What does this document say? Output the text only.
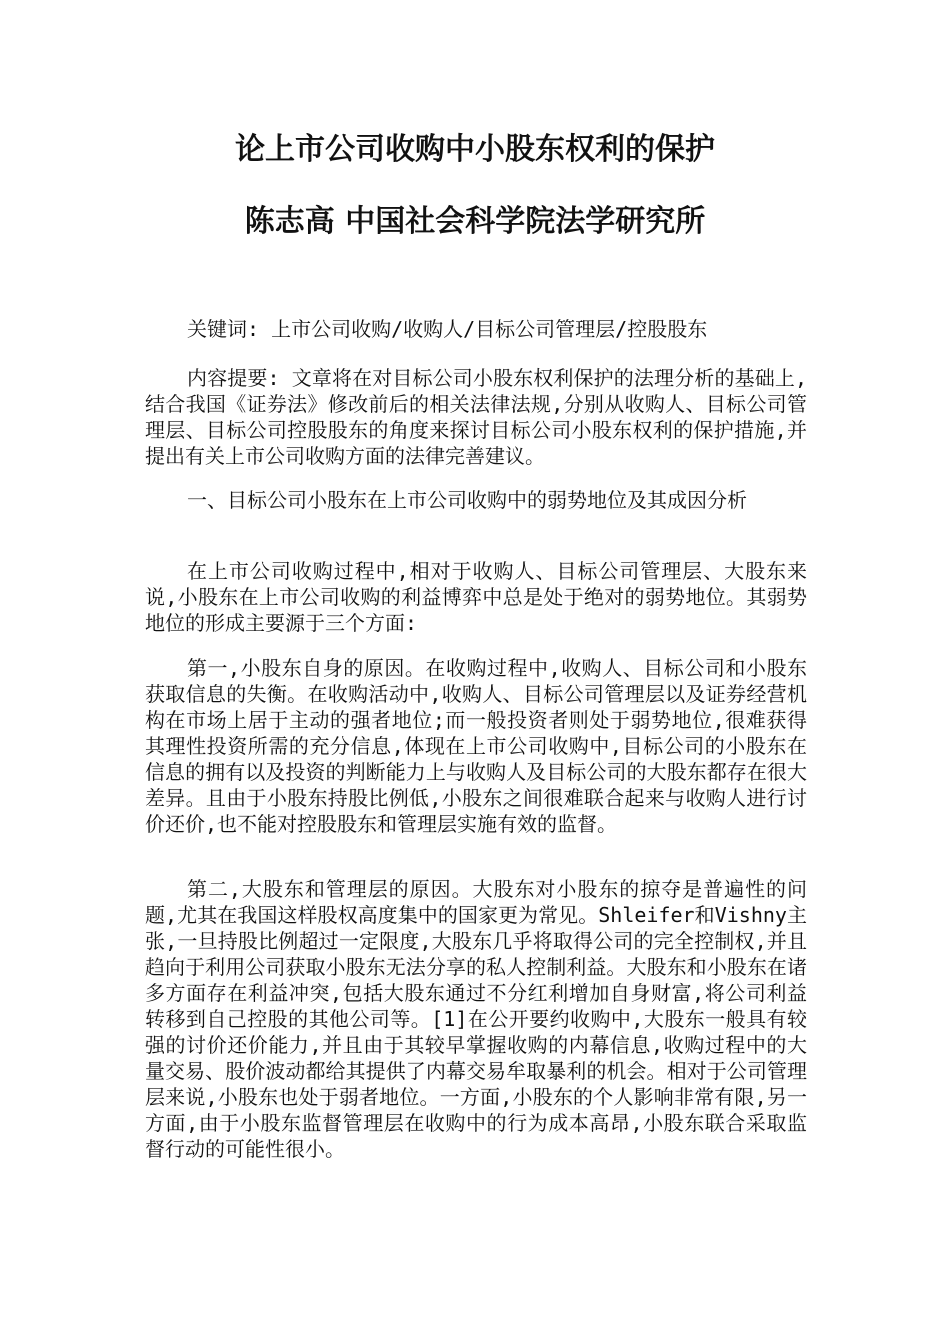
论上市公司收购中小股东权利的保护
陈志高 中国社会科学院法学研究所

关键词: 上市公司收购/收购人/目标公司管理层/控股股东

内容提要: 文章将在对目标公司小股东权利保护的法理分析的基础上,结合我国《证券法》修改前后的相关法律法规,分别从收购人、目标公司管理层、目标公司控股股东的角度来探讨目标公司小股东权利的保护措施,并提出有关上市公司收购方面的法律完善建议。

一、目标公司小股东在上市公司收购中的弱势地位及其成因分析

在上市公司收购过程中,相对于收购人、目标公司管理层、大股东来说,小股东在上市公司收购的利益博弈中总是处于绝对的弱势地位。其弱势地位的形成主要源于三个方面:

第一,小股东自身的原因。在收购过程中,收购人、目标公司和小股东获取信息的失衡。在收购活动中,收购人、目标公司管理层以及证券经营机构在市场上居于主动的强者地位;而一般投资者则处于弱势地位,很难获得其理性投资所需的充分信息,体现在上市公司收购中,目标公司的小股东在信息的拥有以及投资的判断能力上与收购人及目标公司的大股东都存在很大差异。且由于小股东持股比例低,小股东之间很难联合起来与收购人进行讨价还价,也不能对控股股东和管理层实施有效的监督。

第二,大股东和管理层的原因。大股东对小股东的掠夺是普遍性的问题,尤其在我国这样股权高度集中的国家更为常见。Shleifer和Vishny主张,一旦持股比例超过一定限度,大股东几乎将取得公司的完全控制权,并且趋向于利用公司获取小股东无法分享的私人控制利益。大股东和小股东在诸多方面存在利益冲突,包括大股东通过不分红利增加自身财富,将公司利益转移到自己控股的其他公司等。[1]在公开要约收购中,大股东一般具有较强的讨价还价能力,并且由于其较早掌握收购的内幕信息,收购过程中的大量交易、股价波动都给其提供了内幕交易牟取暴利的机会。相对于公司管理层来说,小股东也处于弱者地位。一方面,小股东的个人影响非常有限,另一方面,由于小股东监督管理层在收购中的行为成本高昂,小股东联合采取监督行动的可能性很小。
